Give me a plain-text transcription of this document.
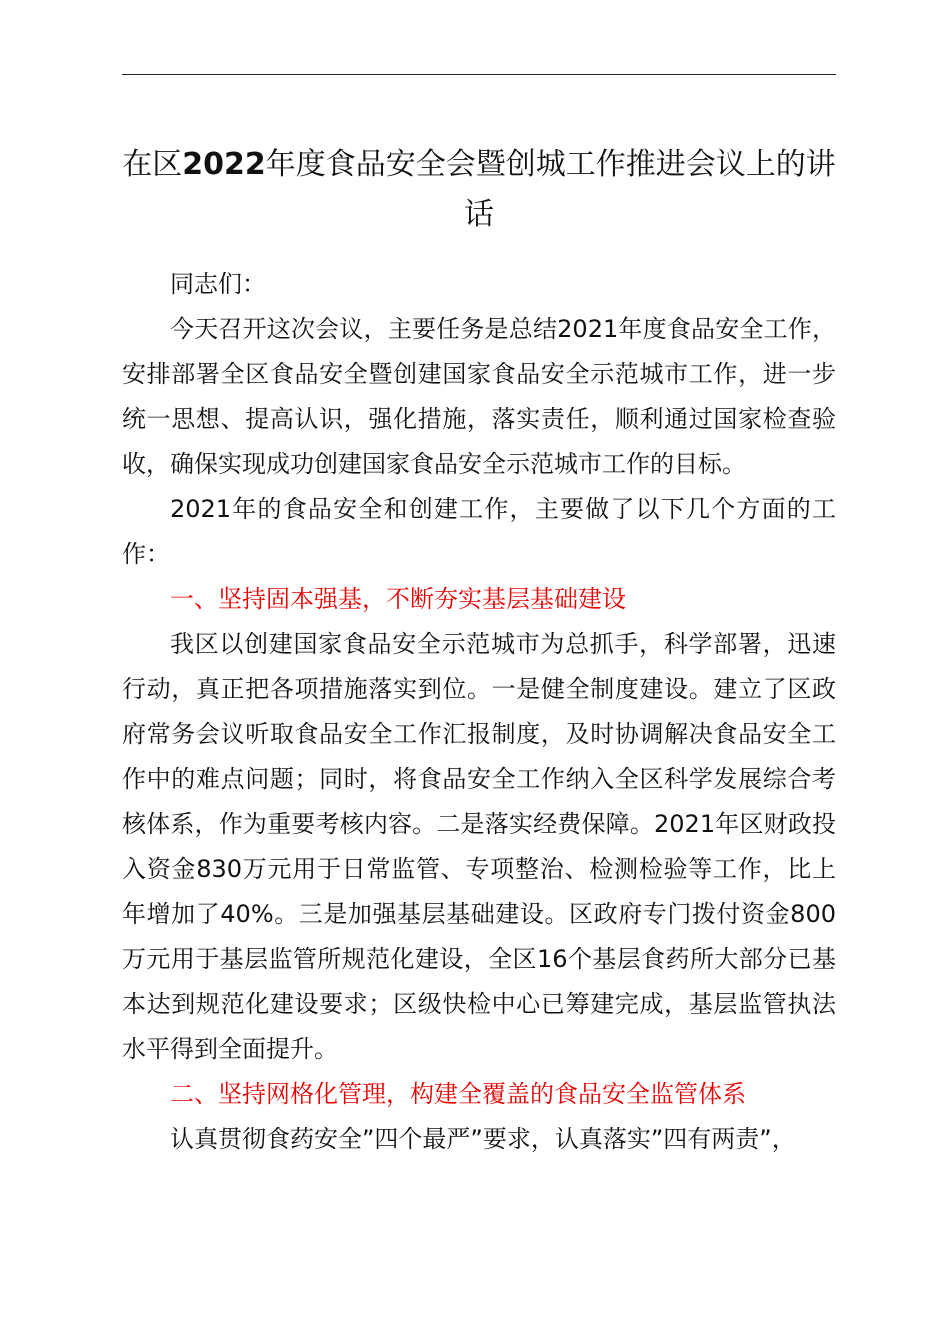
在区2022年度食品安全会暨创城工作推进会议上的讲话

同志们：

今天召开这次会议，主要任务是总结2021年度食品安全工作，安排部署全区食品安全暨创建国家食品安全示范城市工作，进一步统一思想、提高认识，强化措施，落实责任，顺利通过国家检查验收，确保实现成功创建国家食品安全示范城市工作的目标。

2021年的食品安全和创建工作，主要做了以下几个方面的工作：

一、坚持固本强基，不断夯实基层基础建设

我区以创建国家食品安全示范城市为总抓手，科学部署，迅速行动，真正把各项措施落实到位。一是健全制度建设。建立了区政府常务会议听取食品安全工作汇报制度，及时协调解决食品安全工作中的难点问题；同时，将食品安全工作纳入全区科学发展综合考核体系，作为重要考核内容。二是落实经费保障。2021年区财政投入资金830万元用于日常监管、专项整治、检测检验等工作，比上年增加了40%。三是加强基层基础建设。区政府专门拨付资金800万元用于基层监管所规范化建设，全区16个基层食药所大部分已基本达到规范化建设要求；区级快检中心已筹建完成，基层监管执法水平得到全面提升。

二、坚持网格化管理，构建全覆盖的食品安全监管体系

认真贯彻食药安全”四个最严”要求，认真落实”四有两责”，
